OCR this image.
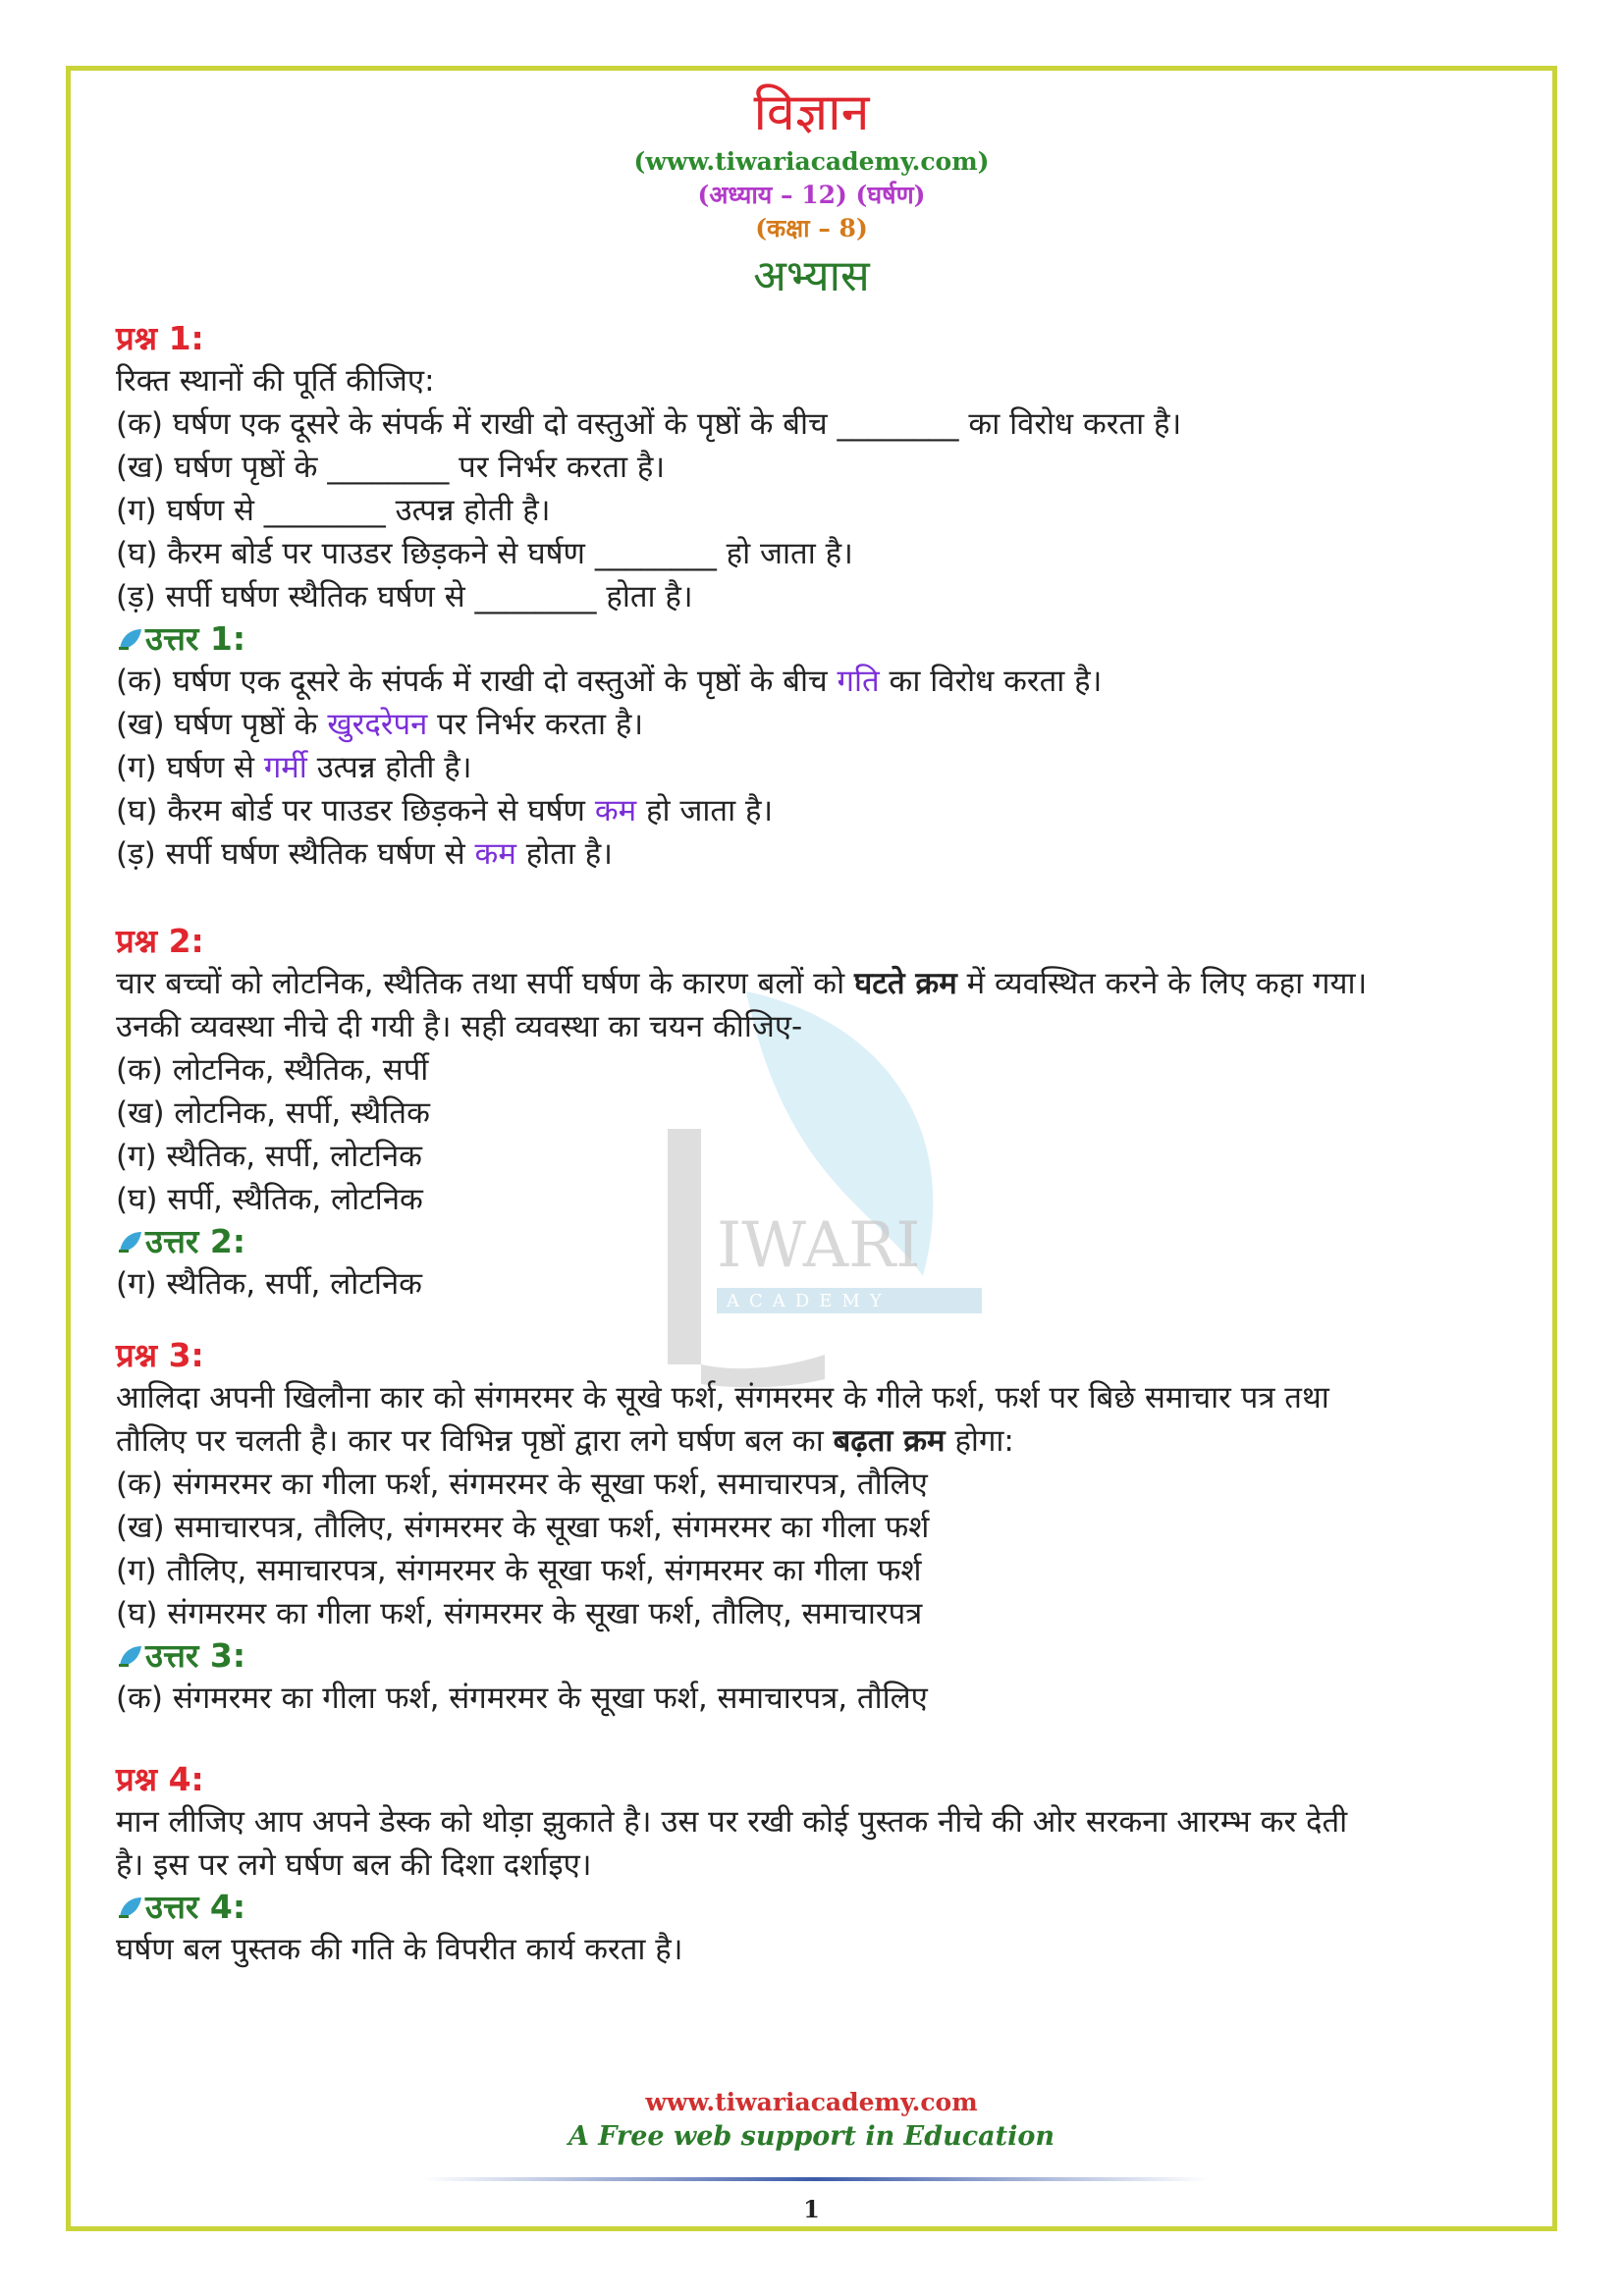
IWARI
ACADEMY
विज्ञान
(www.tiwariacademy.com)
(अध्याय – 12) (घर्षण)
(कक्षा – 8)
अभ्यास
प्रश्न 1:
रिक्त स्थानों की पूर्ति कीजिए:
(क) घर्षण एक दूसरे के संपर्क में राखी दो वस्तुओं के पृष्ठों के बीच ________ का विरोध करता है।
(ख) घर्षण पृष्ठों के ________ पर निर्भर करता है।
(ग) घर्षण से ________ उत्पन्न होती है।
(घ) कैरम बोर्ड पर पाउडर छिड़कने से घर्षण ________ हो जाता है।
(ड़) सर्पी घर्षण स्थैतिक घर्षण से ________ होता है।
उत्तर 1:
(क) घर्षण एक दूसरे के संपर्क में राखी दो वस्तुओं के पृष्ठों के बीच गति का विरोध करता है।
(ख) घर्षण पृष्ठों के खुरदरेपन पर निर्भर करता है।
(ग) घर्षण से गर्मी उत्पन्न होती है।
(घ) कैरम बोर्ड पर पाउडर छिड़कने से घर्षण कम हो जाता है।
(ड़) सर्पी घर्षण स्थैतिक घर्षण से कम होता है।
प्रश्न 2:
चार बच्चों को लोटनिक, स्थैतिक तथा सर्पी घर्षण के कारण बलों को घटते क्रम में व्यवस्थित करने के लिए कहा गया।
उनकी व्यवस्था नीचे दी गयी है। सही व्यवस्था का चयन कीजिए-
(क) लोटनिक, स्थैतिक, सर्पी
(ख) लोटनिक, सर्पी, स्थैतिक
(ग) स्थैतिक, सर्पी, लोटनिक
(घ) सर्पी, स्थैतिक, लोटनिक
उत्तर 2:
(ग) स्थैतिक, सर्पी, लोटनिक
प्रश्न 3:
आलिदा अपनी खिलौना कार को संगमरमर के सूखे फर्श, संगमरमर के गीले फर्श, फर्श पर बिछे समाचार पत्र तथा
तौलिए पर चलती है। कार पर विभिन्न पृष्ठों द्वारा लगे घर्षण बल का बढ़ता क्रम होगा:
(क) संगमरमर का गीला फर्श, संगमरमर के सूखा फर्श, समाचारपत्र, तौलिए
(ख) समाचारपत्र, तौलिए, संगमरमर के सूखा फर्श, संगमरमर का गीला फर्श
(ग) तौलिए, समाचारपत्र, संगमरमर के सूखा फर्श, संगमरमर का गीला फर्श
(घ) संगमरमर का गीला फर्श, संगमरमर के सूखा फर्श, तौलिए, समाचारपत्र
उत्तर 3:
(क) संगमरमर का गीला फर्श, संगमरमर के सूखा फर्श, समाचारपत्र, तौलिए
प्रश्न 4:
मान लीजिए आप अपने डेस्क को थोड़ा झुकाते है। उस पर रखी कोई पुस्तक नीचे की ओर सरकना आरम्भ कर देती
है। इस पर लगे घर्षण बल की दिशा दर्शाइए।
उत्तर 4:
घर्षण बल पुस्तक की गति के विपरीत कार्य करता है।
www.tiwariacademy.com
A Free web support in Education
1
